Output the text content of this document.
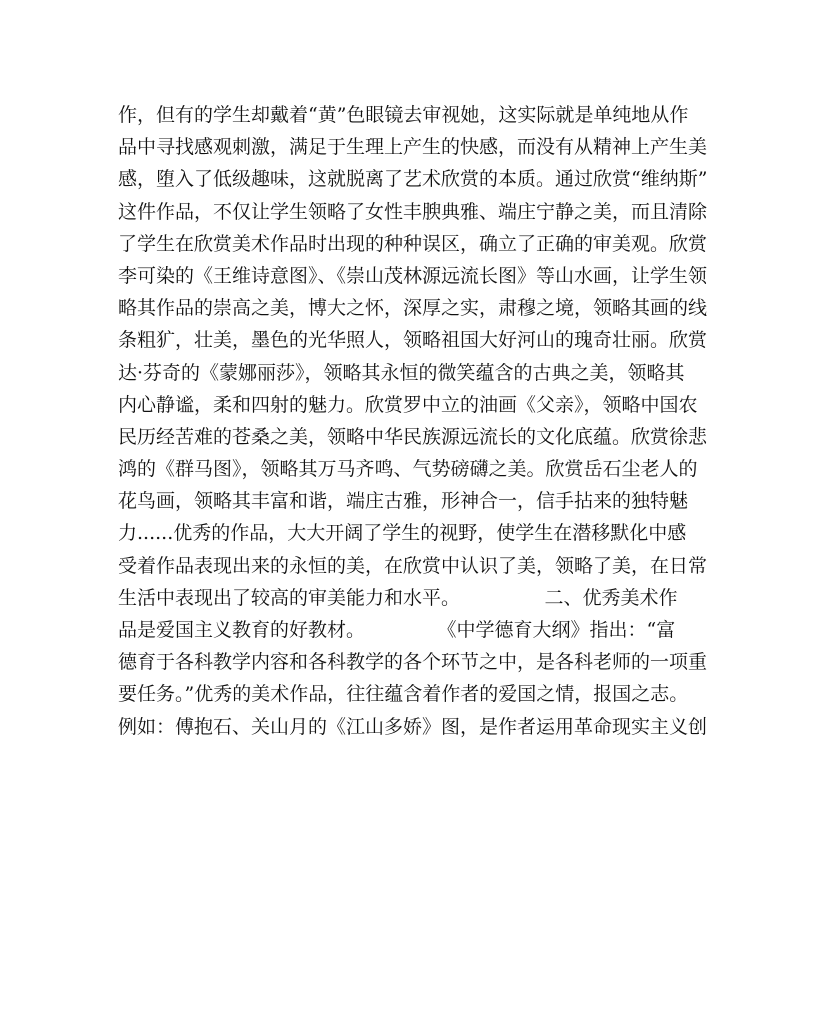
作，但有的学生却戴着“黄”色眼镜去审视她，这实际就是单纯地从作
品中寻找感观刺激，满足于生理上产生的快感，而没有从精神上产生美
感，堕入了低级趣味，这就脱离了艺术欣赏的本质。通过欣赏“维纳斯”
这件作品，不仅让学生领略了女性丰腴典雅、端庄宁静之美，而且清除
了学生在欣赏美术作品时出现的种种误区，确立了正确的审美观。欣赏
李可染的《王维诗意图》、《崇山茂林源远流长图》等山水画，让学生领
略其作品的崇高之美，博大之怀，深厚之实，肃穆之境，领略其画的线
条粗犷，壮美，墨色的光华照人，领略祖国大好河山的瑰奇壮丽。欣赏
达·芬奇的《蒙娜丽莎》，领略其永恒的微笑蕴含的古典之美，领略其
内心静谧，柔和四射的魅力。欣赏罗中立的油画《父亲》，领略中国农
民历经苦难的苍桑之美，领略中华民族源远流长的文化底蕴。欣赏徐悲
鸿的《群马图》，领略其万马齐鸣、气势磅礴之美。欣赏岳石尘老人的
花鸟画，领略其丰富和谐，端庄古雅，形神合一，信手拈来的独特魅
力......优秀的作品，大大开阔了学生的视野，使学生在潜移默化中感
受着作品表现出来的永恒的美，在欣赏中认识了美，领略了美，在日常
生活中表现出了较高的审美能力和水平。              二、优秀美术作
品是爱国主义教育的好教材。            《中学德育大纲》指出：“富
德育于各科教学内容和各科教学的各个环节之中，是各科老师的一项重
要任务。”优秀的美术作品，往往蕴含着作者的爱国之情，报国之志。
例如：傅抱石、关山月的《江山多娇》图，是作者运用革命现实主义创
